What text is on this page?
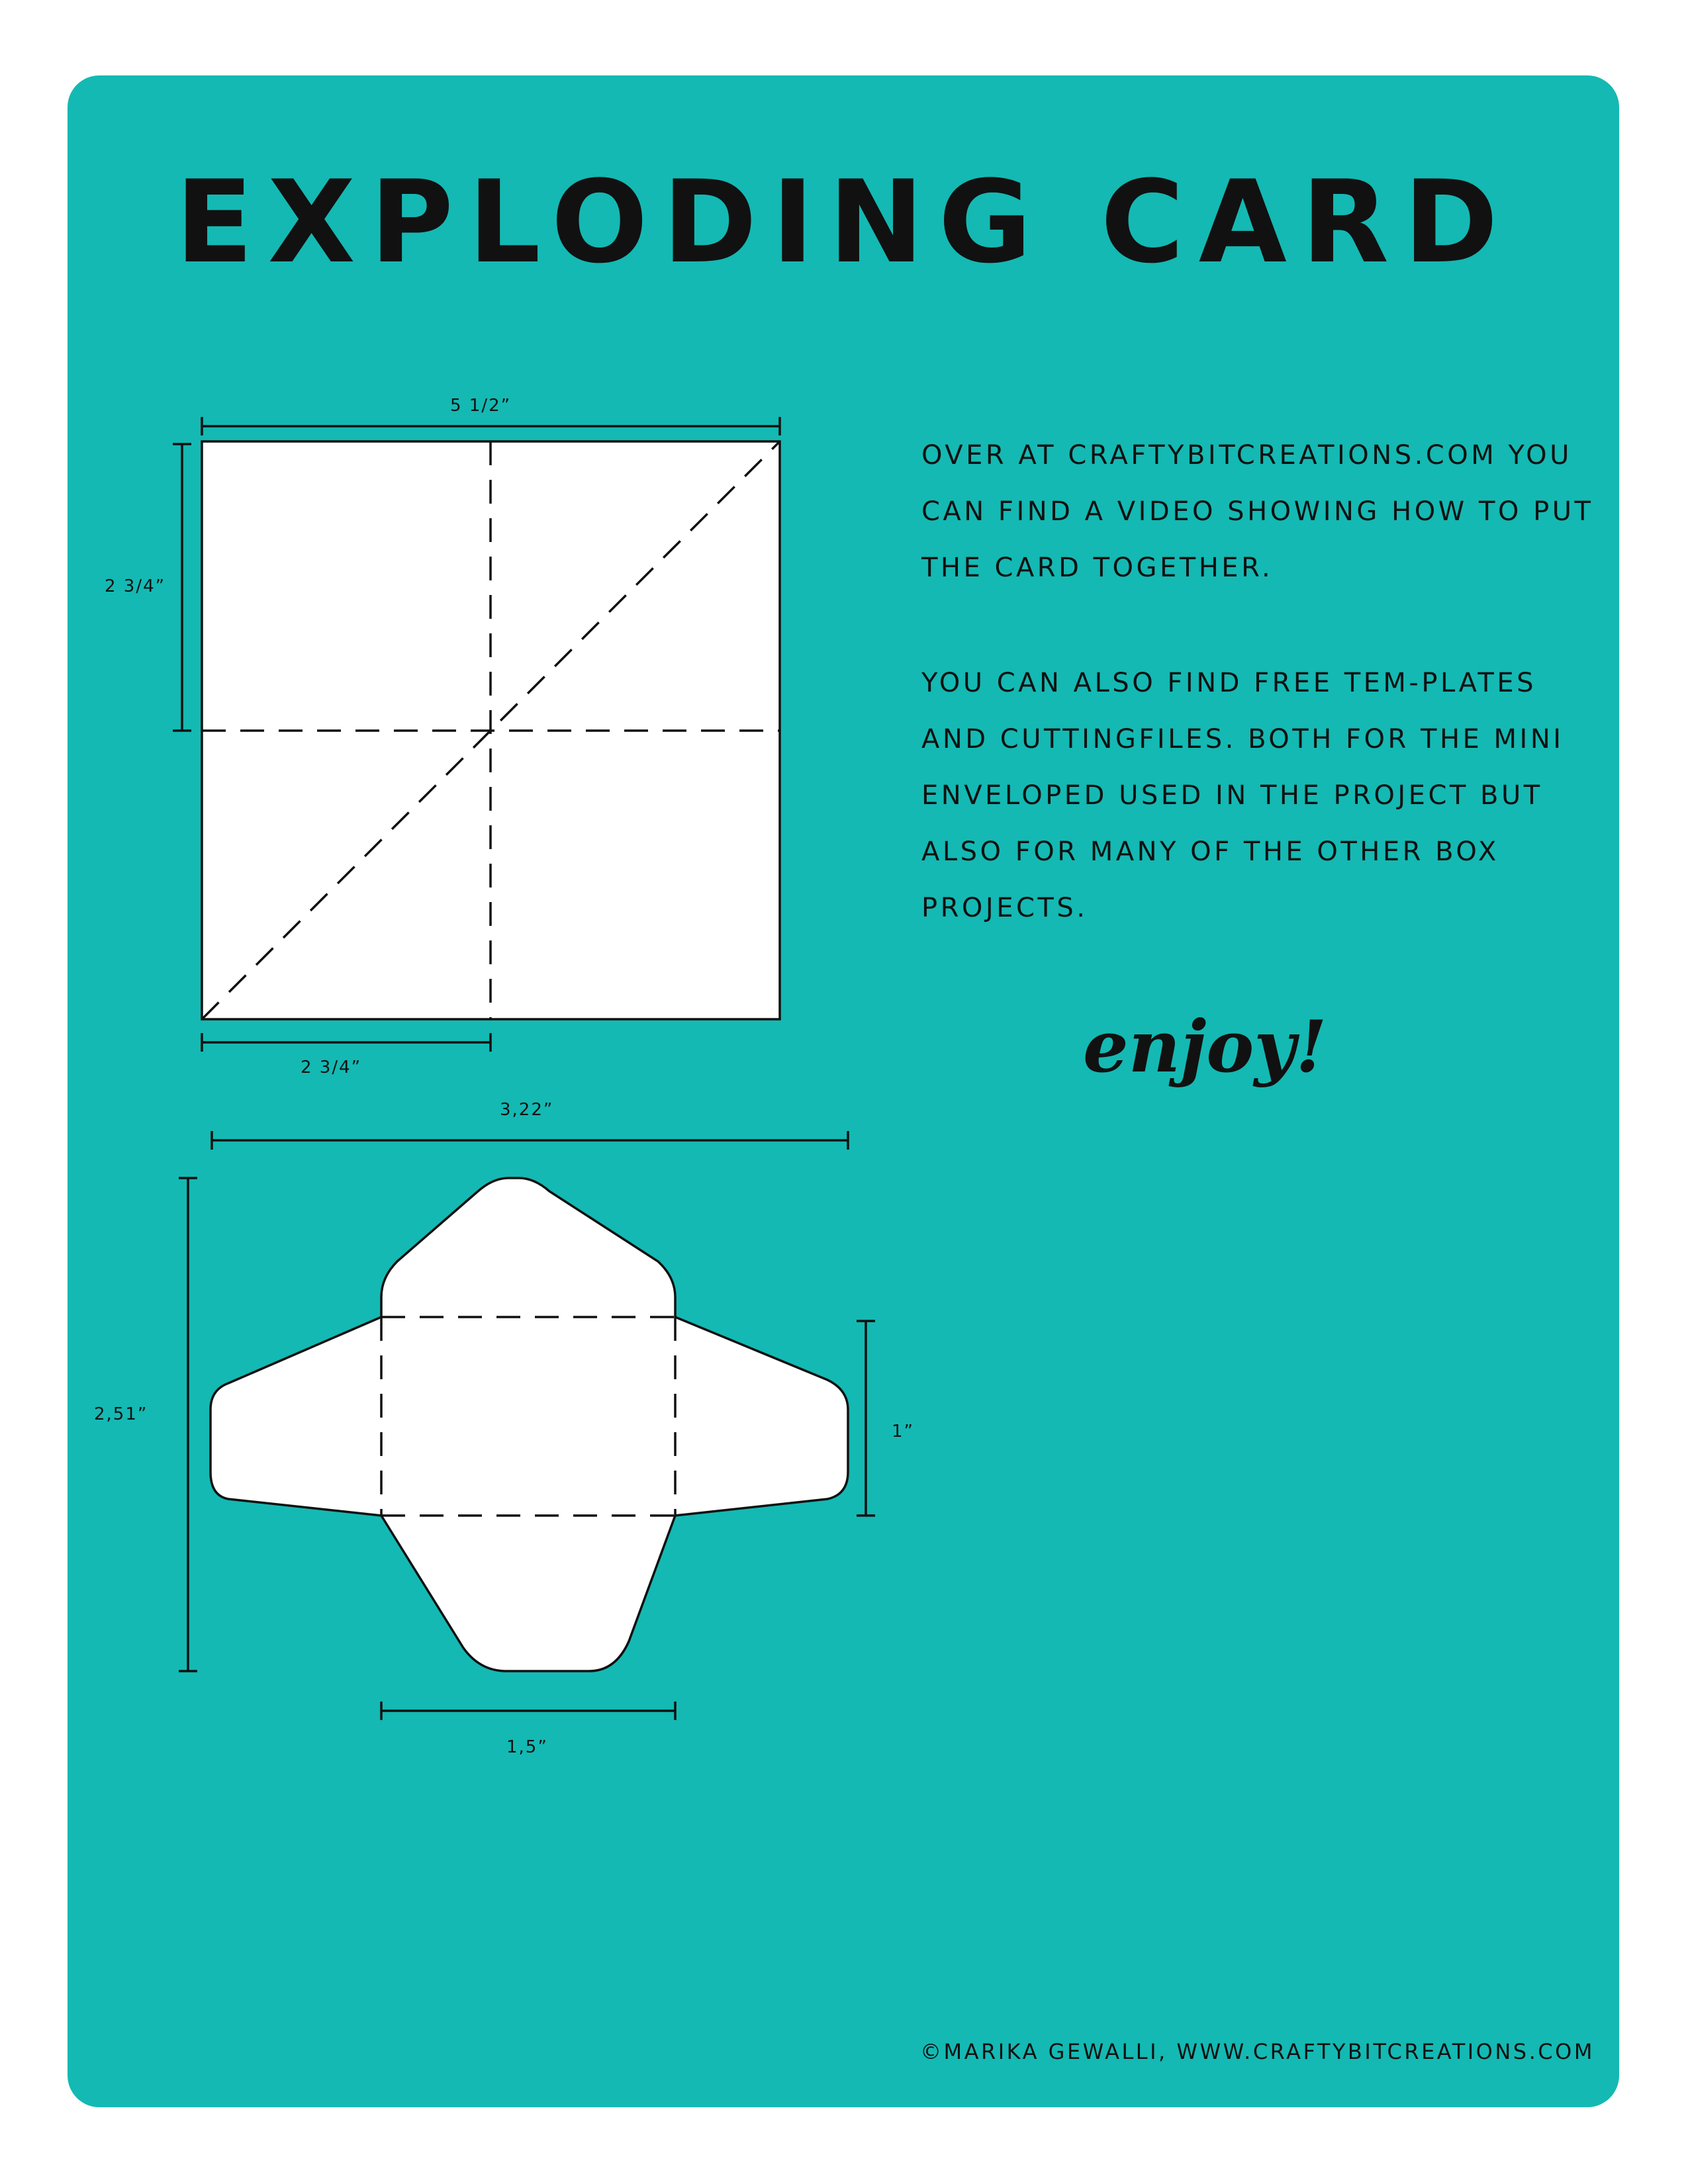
EXPLODING CARD
5 1/2”
2 3/4”
2 3/4”
3,22”
2,51”
1”
1,5”

OVER AT CRAFTYBITCREATIONS.COM YOU CAN FIND A VIDEO SHOWING HOW TO PUT THE CARD TOGETHER.

YOU CAN ALSO FIND FREE TEM-PLATES AND CUTTINGFILES. BOTH FOR THE MINI ENVELOPED USED IN THE PROJECT BUT ALSO FOR MANY OF THE OTHER BOX PROJECTS.

enjoy!

©MARIKA GEWALLI, WWW.CRAFTYBITCREATIONS.COM
